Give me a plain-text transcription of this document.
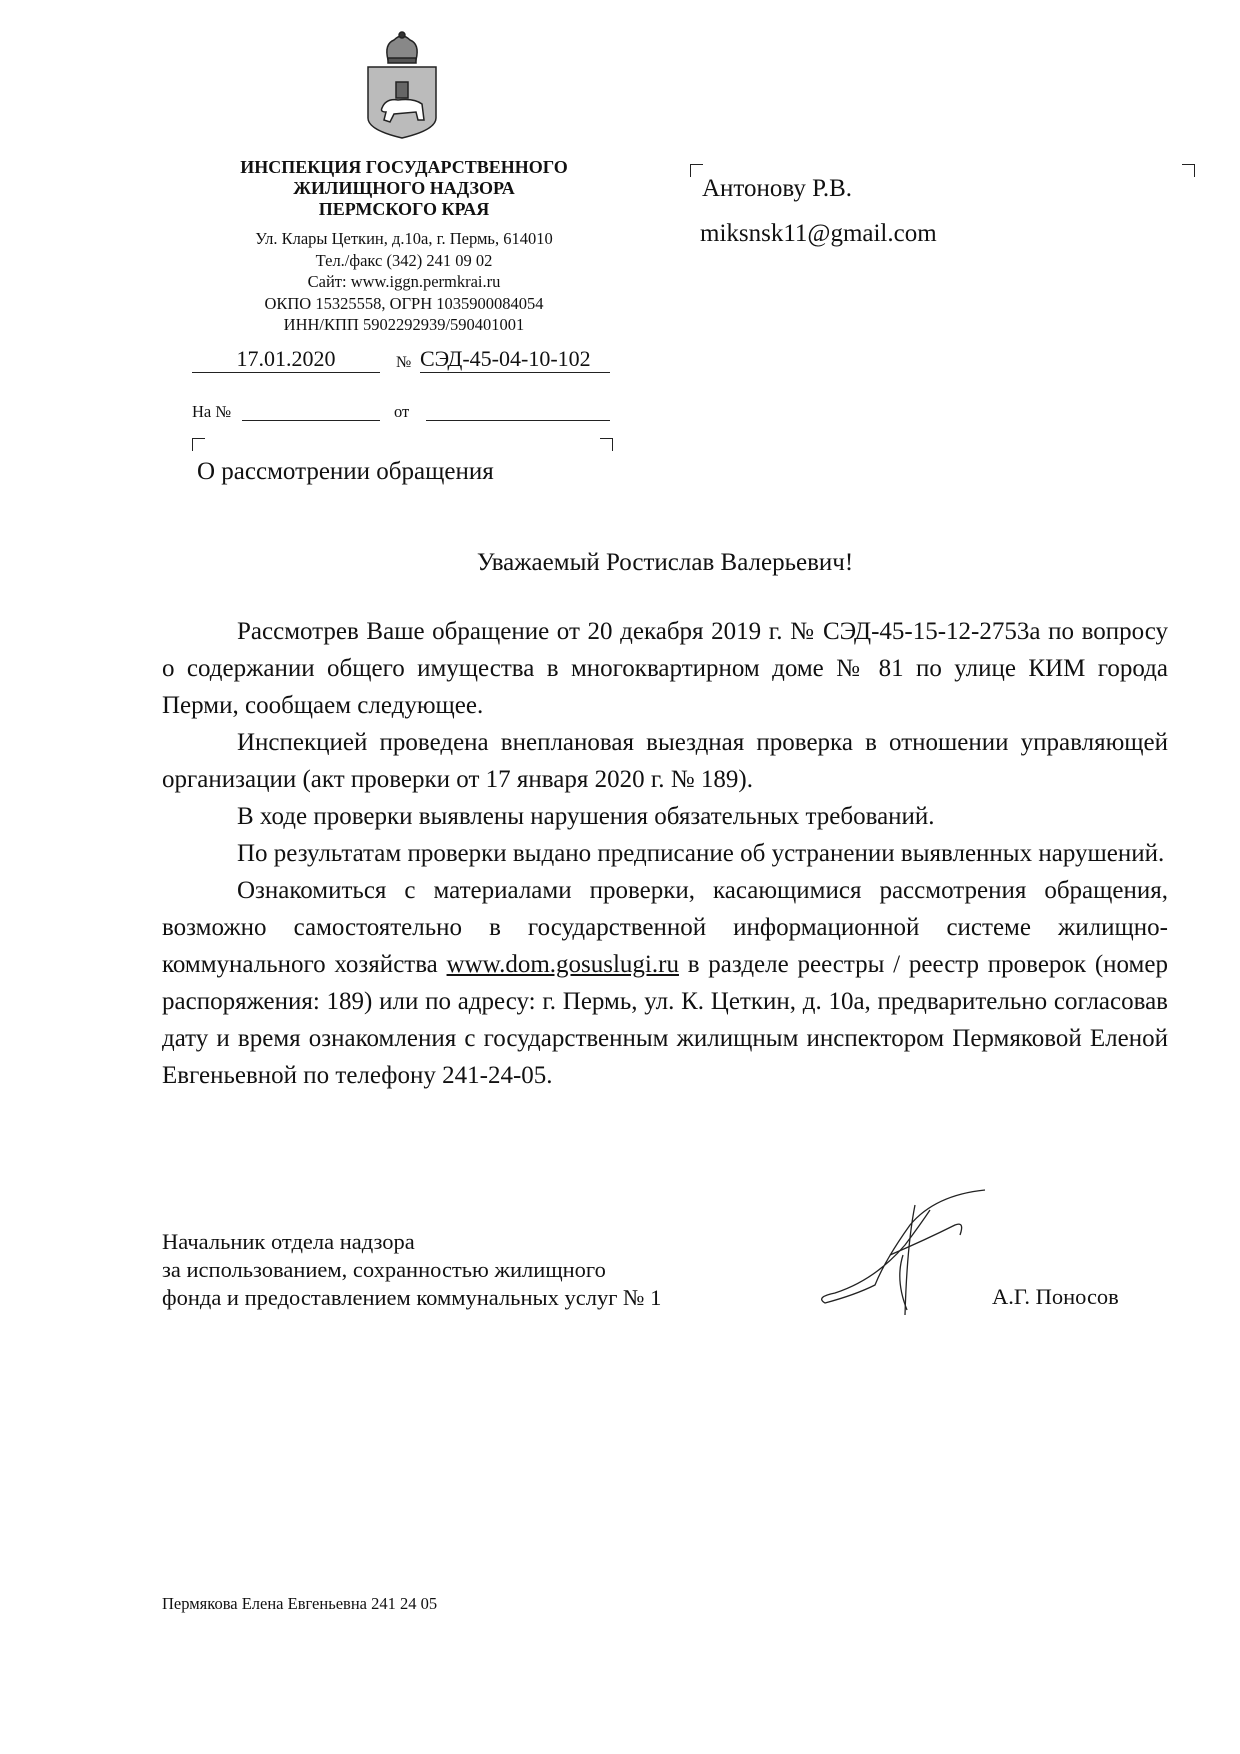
ИНСПЕКЦИЯ ГОСУДАРСТВЕННОГО
ЖИЛИЩНОГО НАДЗОРА
ПЕРМСКОГО КРАЯ
Ул. Клары Цеткин, д.10а, г. Пермь, 614010
Тел./факс (342) 241 09 02
Сайт: www.iggn.permkrai.ru
ОКПО 15325558, ОГРН 1035900084054
ИНН/КПП 5902292939/590401001
17.01.2020	№ СЭД-45-04-10-102
На №	от
О рассмотрении обращения
Антонову Р.В.
miksnsk11@gmail.com
Уважаемый Ростислав Валерьевич!

Рассмотрев Ваше обращение от 20 декабря 2019 г. № СЭД-45-15-12-2753а по вопросу о содержании общего имущества в многоквартирном доме № 81 по улице КИМ города Перми, сообщаем следующее.

Инспекцией проведена внеплановая выездная проверка в отношении управляющей организации (акт проверки от 17 января 2020 г. № 189).

В ходе проверки выявлены нарушения обязательных требований.

По результатам проверки выдано предписание об устранении выявленных нарушений.

Ознакомиться с материалами проверки, касающимися рассмотрения обращения, возможно самостоятельно в государственной информационной системе жилищно-коммунального хозяйства www.dom.gosuslugi.ru в разделе реестры / реестр проверок (номер распоряжения: 189) или по адресу: г. Пермь, ул. К. Цеткин, д. 10а, предварительно согласовав дату и время ознакомления с государственным жилищным инспектором Пермяковой Еленой Евгеньевной по телефону 241-24-05.

Начальник отдела надзора
за использованием, сохранностью жилищного
фонда и предоставлением коммунальных услуг № 1	А.Г. Поносов
Пермякова Елена Евгеньевна 241 24 05
